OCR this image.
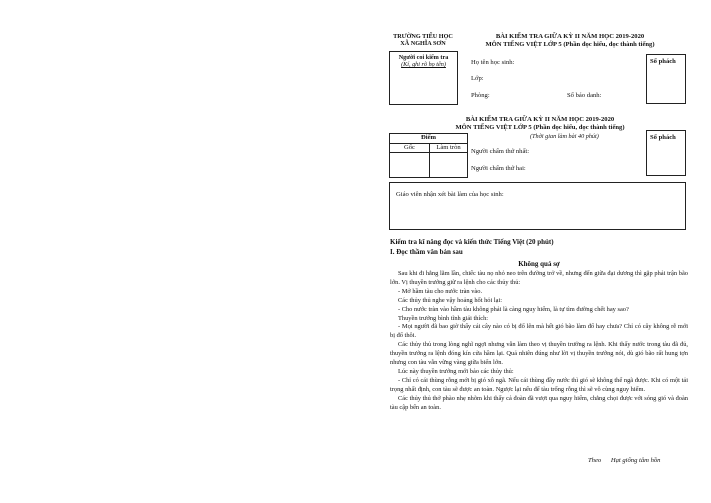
TRƯỜNG TIỂU HỌC
XÃ NGHĨA SƠN
BÀI KIỂM TRA GIỮA KỲ II NĂM HỌC 2019-2020
MÔN TIẾNG VIỆT LỚP 5 (Phần đọc hiểu, đọc thành tiếng)
Người coi kiểm tra
(Kí, ghi rõ họ tên)	Họ tên học sinh:
Lớp:
Phòng:	Số báo danh:
Số phách
BÀI KIỂM TRA GIỮA KỲ II NĂM HỌC 2019-2020
MÔN TIẾNG VIỆT LỚP 5 (Phần đọc hiểu, đọc thành tiếng)
(Thời gian làm bài 40 phút)
Điểm
Gốc	Làm tròn
Người chấm thứ nhất:
Người chấm thứ hai:
Số phách
Giáo viên nhận xét bài làm của học sinh:
Kiểm tra kĩ năng đọc và kiến thức Tiếng Việt (20 phút)
I. Đọc thầm văn bản sau
Không quá sợ
Sau khi đi hằng lăm lần, chiếc tàu nọ nhỏ neo trên đường trở về, nhưng đến giữa đại dương thì gặp phải trận bão lớn. Vị thuyền trưởng giữ ra lệnh cho các thủy thủ:
- Mở hầm tàu cho nước tràn vào.
Các thủy thủ nghe vậy hoảng hốt hỏi lại:
- Cho nước tràn vào hầm tàu không phải là càng nguy hiểm, là tự tìm đường chết hay sao?
Thuyền trưởng bình tĩnh giải thích:
- Mọi người đã bao giờ thấy cái cây nào có bị đổ lên mà hết gió bão làm đổ hay chưa? Chỉ có cây không rễ mới bị đổ thôi.
Các thủy thủ trong lòng nghĩ ngợi nhưng vẫn làm theo vị thuyền trưởng ra lệnh. Khi thấy nước trong tàu đã đủ, thuyền trưởng ra lệnh đóng kín cửa hầm lại. Quả nhiên đúng như lời vị thuyền trưởng nói, dù gió bão rất hung tợn nhưng con tàu vẫn vững vàng giữa biển lớn.
Lúc này thuyền trưởng mới bảo các thủy thủ:
- Chỉ có cái thùng rỗng mới bị gió xô ngã. Nếu cái thùng đầy nước thì gió sẽ không thể ngã được. Khi có một tải trọng nhất định, con tàu sẽ được an toàn. Ngược lại nếu để tàu trống rỗng thì sẽ vô cùng nguy hiểm.
Các thủy thủ thở phào nhẹ nhõm khi thấy cả đoàn đã vượt qua nguy hiểm, chẳng chọi được với sóng gió và đoàn tàu cập bến an toàn.
Theo Hạt giống tâm hồn
